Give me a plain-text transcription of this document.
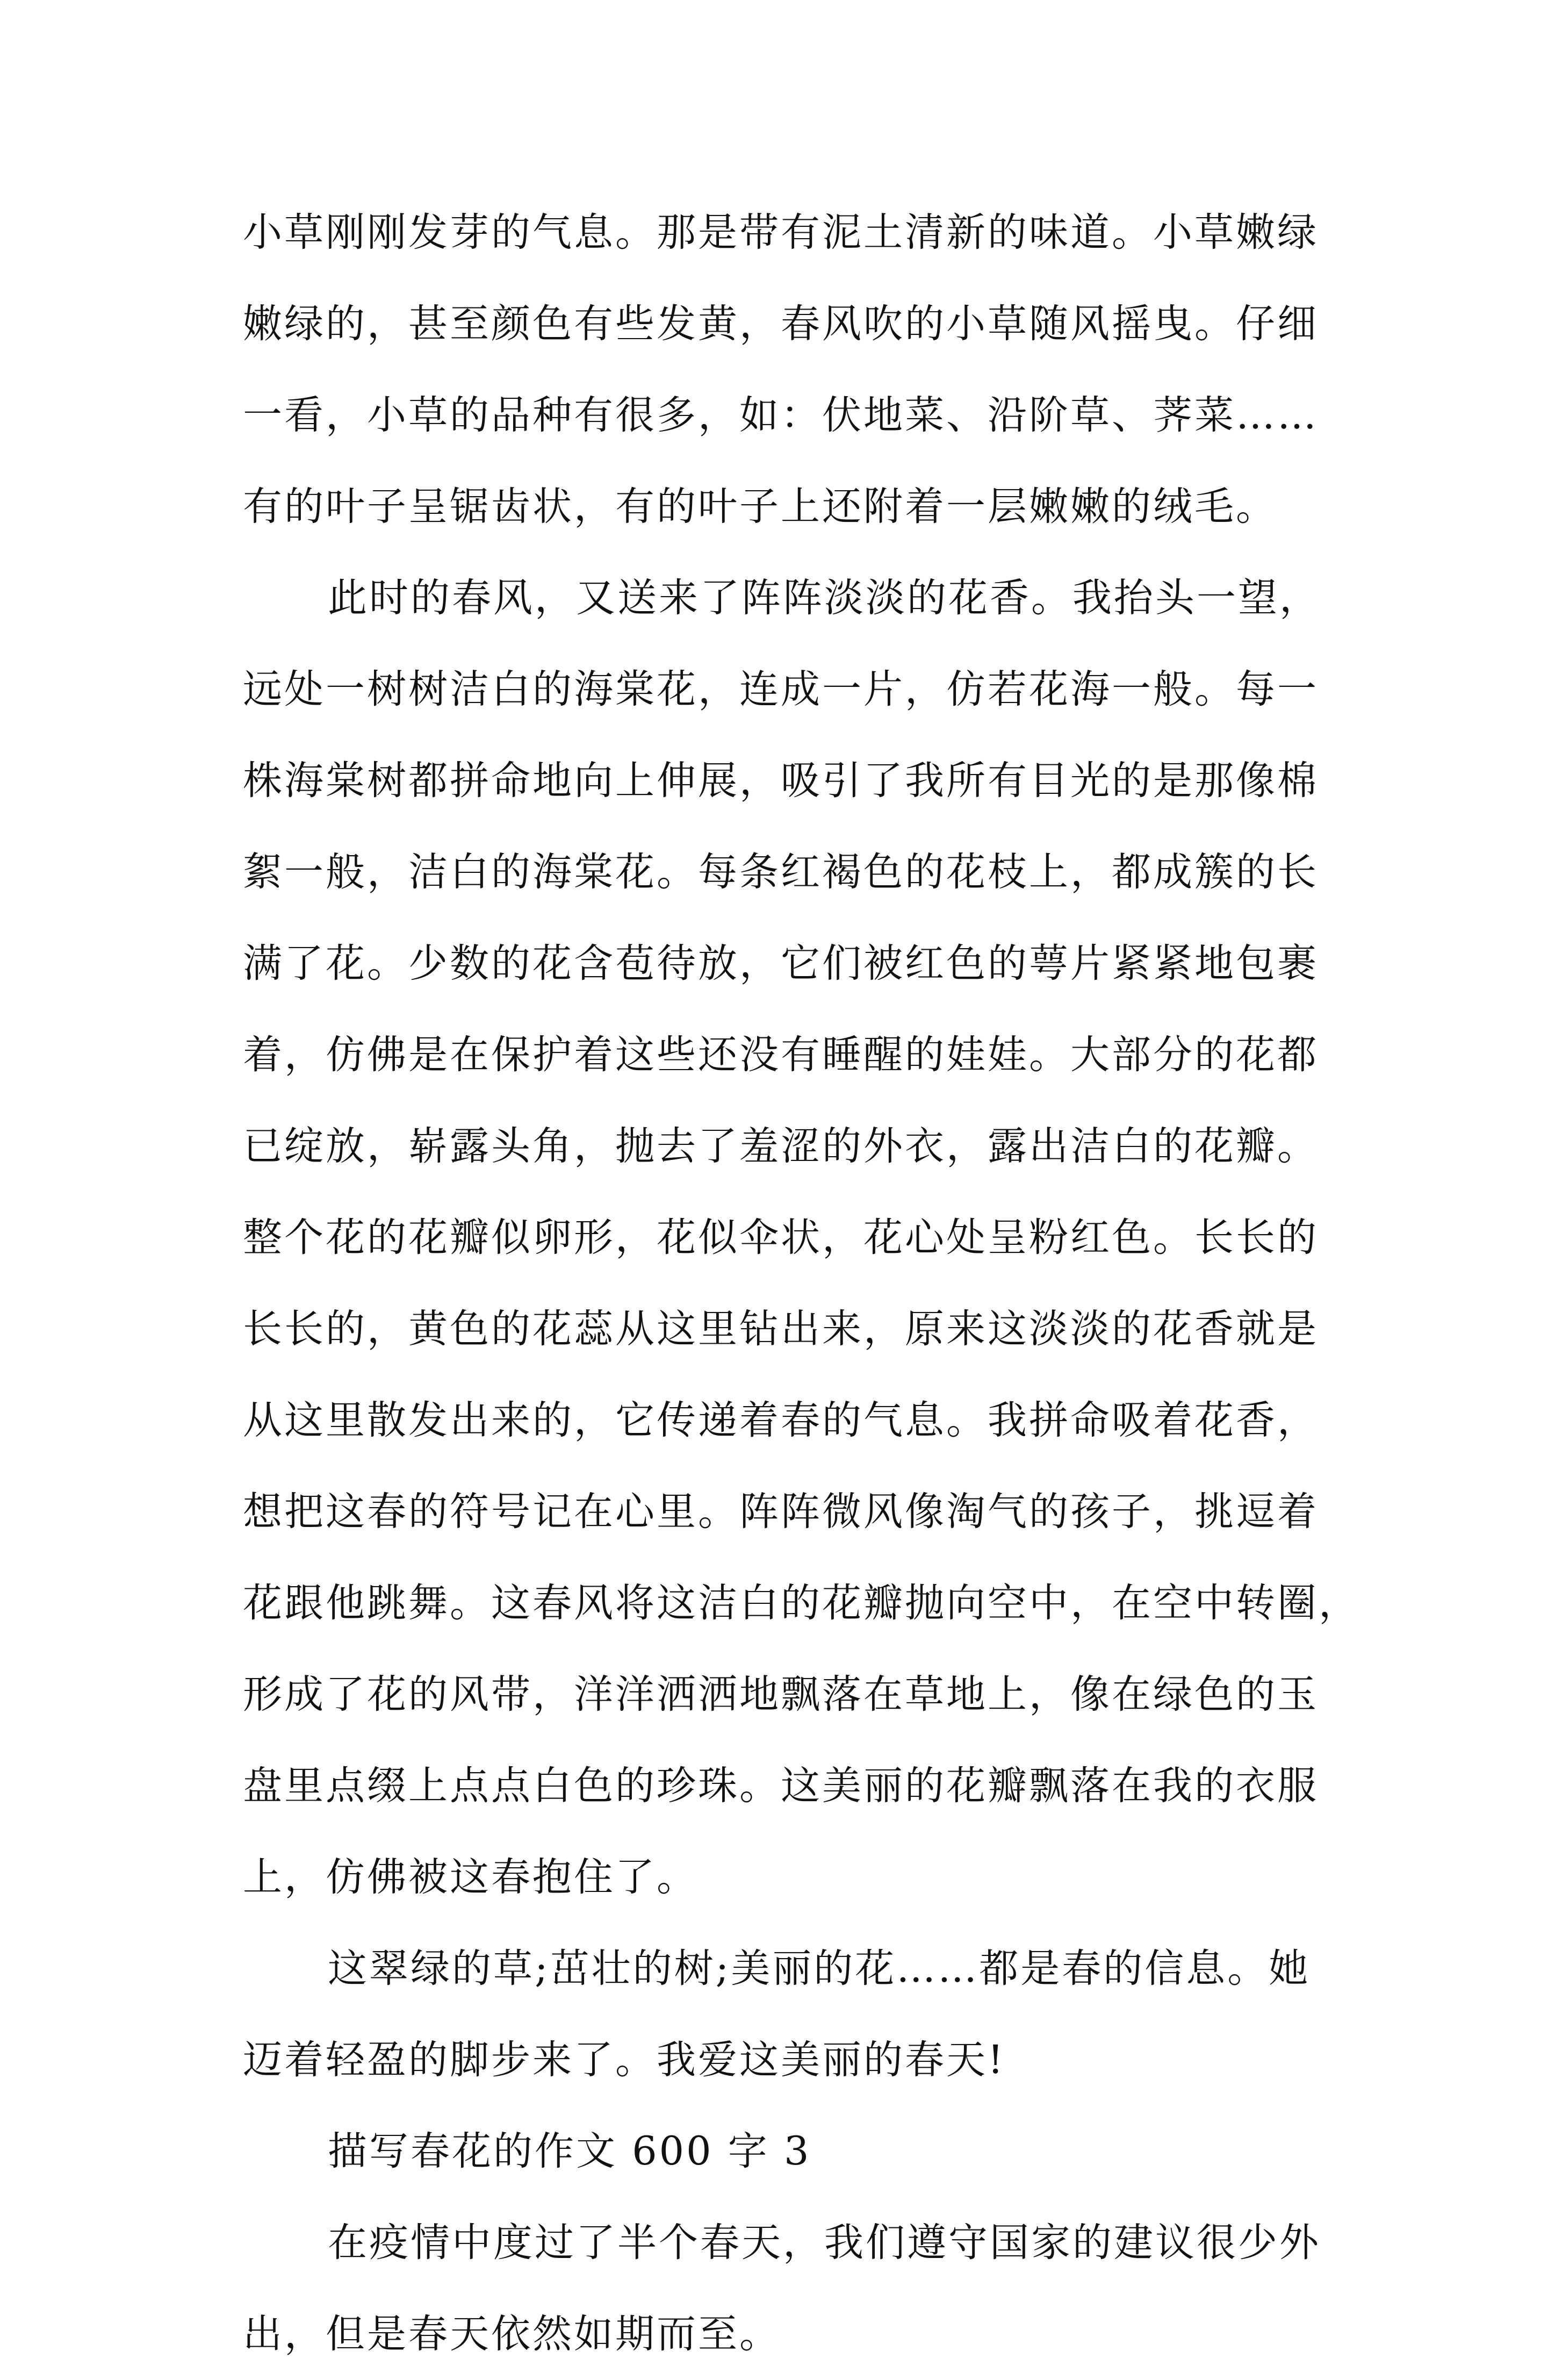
小草刚刚发芽的气息。那是带有泥土清新的味道。小草嫩绿
嫩绿的，甚至颜色有些发黄，春风吹的小草随风摇曳。仔细
一看，小草的品种有很多，如：伏地菜、沿阶草、荠菜……
有的叶子呈锯齿状，有的叶子上还附着一层嫩嫩的绒毛。
此时的春风，又送来了阵阵淡淡的花香。我抬头一望，
远处一树树洁白的海棠花，连成一片，仿若花海一般。每一
株海棠树都拼命地向上伸展，吸引了我所有目光的是那像棉
絮一般，洁白的海棠花。每条红褐色的花枝上，都成簇的长
满了花。少数的花含苞待放，它们被红色的萼片紧紧地包裹
着，仿佛是在保护着这些还没有睡醒的娃娃。大部分的花都
已绽放，崭露头角，抛去了羞涩的外衣，露出洁白的花瓣。
整个花的花瓣似卵形，花似伞状，花心处呈粉红色。长长的
长长的，黄色的花蕊从这里钻出来，原来这淡淡的花香就是
从这里散发出来的，它传递着春的气息。我拼命吸着花香，
想把这春的符号记在心里。阵阵微风像淘气的孩子，挑逗着
花跟他跳舞。这春风将这洁白的花瓣抛向空中，在空中转圈，
形成了花的风带，洋洋洒洒地飘落在草地上，像在绿色的玉
盘里点缀上点点白色的珍珠。这美丽的花瓣飘落在我的衣服
上，仿佛被这春抱住了。
这翠绿的草;茁壮的树;美丽的花……都是春的信息。她
迈着轻盈的脚步来了。我爱这美丽的春天!
描写春花的作文 600 字 3
在疫情中度过了半个春天，我们遵守国家的建议很少外
出，但是春天依然如期而至。
